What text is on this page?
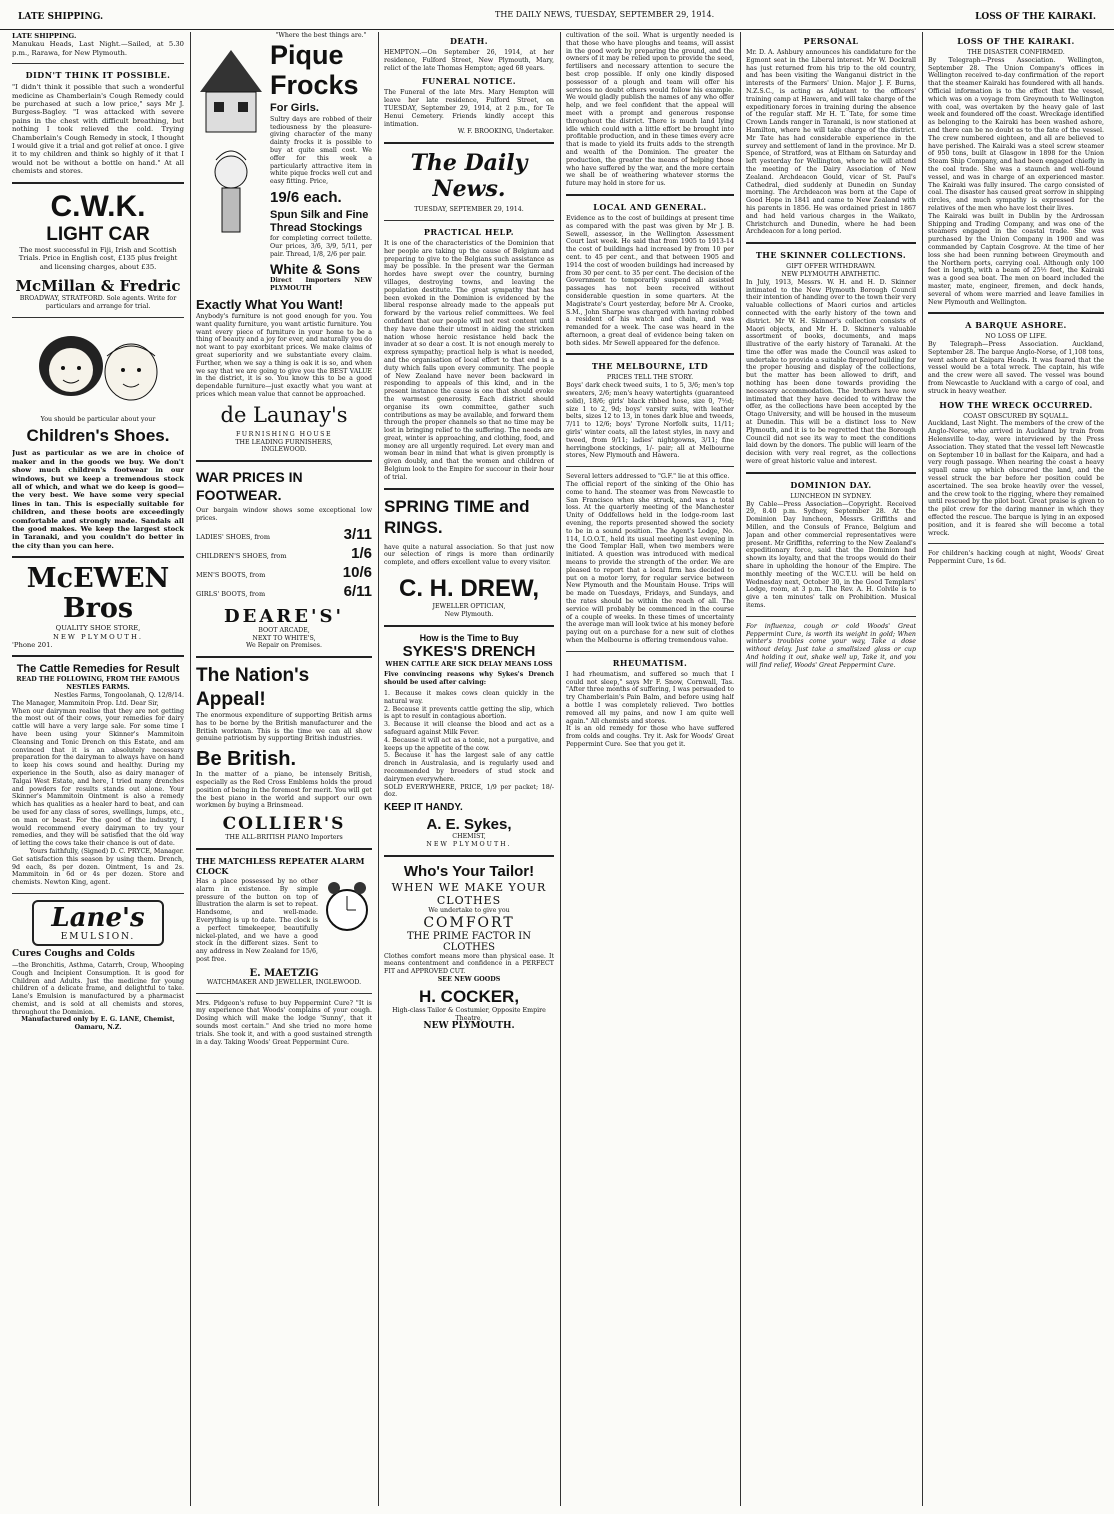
LATE SHIPPING.	THE DAILY NEWS, TUESDAY, SEPTEMBER 29, 1914.	LOSS OF THE KAIRAKI.

LATE SHIPPING.

Manukau Heads, Last Night.—Sailed, at 5.30 p.m., Rarawa, for New Plymouth.

DIDN'T THINK IT POSSIBLE.

"I didn't think it possible that such a wonderful medicine as Chamberlain's Cough Remedy could be purchased at such a low price," says Mr J. Burgess-Bagley. "I was attacked with severe pains in the chest with difficult breathing, but nothing I took relieved the cold. Trying Chamberlain's Cough Remedy in stock, I thought I would give it a trial and got relief at once. I give it to my children and think so highly of it that I would not be without a bottle on hand." At all chemists and stores.

C.W.K.
LIGHT CAR

The most successful in Fiji, Irish and Scottish Trials. Price in English cost, £135 plus freight and licensing charges, about £35.

McMillan & Fredric

BROADWAY, STRATFORD. Sole agents. Write for particulars and arrange for trial.

You should be particular about your

Children's Shoes.

Just as particular as we are in choice of maker and in the goods we buy. We don't show much children's footwear in our windows, but we keep a tremendous stock all of which, and what we do keep is good—the very best. We have some very special lines in tan. This is especially suitable for children, and these boots are exceedingly comfortable and strongly made. Sandals all the good makes. We keep the largest stock in Taranaki, and you couldn't do better in the city than you can here.

McEWEN Bros

QUALITY SHOE STORE,

NEW PLYMOUTH.

'Phone 201.

The Cattle Remedies for Result

READ THE FOLLOWING, FROM THE FAMOUS NESTLES FARMS.

Nestles Farms, Tongoolanah, Q. 12/8/14.

The Manager, Mammitoin Prop. Ltd. Dear Sir,

When our dairyman realise that they are not getting the most out of their cows, your remedies for dairy cattle will have a very large sale. For some time I have been using your Skinner's Mammitoin Cleansing and Tonic Drench on this Estate, and am convinced that it is an absolutely necessary preparation for the dairyman to always have on hand to keep his cows sound and healthy. During my experience in the South, also as dairy manager of Talgai West Estate, and here, I tried many drenches and powders for results stands out alone. Your Skinner's Mammitoin Ointment is also a remedy which has qualities as a healer hard to beat, and can be used for any class of sores, swellings, lumps, etc., on man or beast. For the good of the industry, I would recommend every dairyman to try your remedies, and they will be satisfied that the old way of letting the cows take their chance is out of date.

Yours faithfully, (Signed) D. C. PRYCE, Manager.

Get satisfaction this season by using them. Drench, 9d each, 8s per dozen. Ointment, 1s and 2s. Mammitoin in 6d or 4s per dozen. Store and chemists. Newton King, agent.

Lane's
EMULSION.
Cures Coughs and Colds

—the Bronchitis, Asthma, Catarrh, Croup, Whooping Cough and Incipient Consumption. It is good for Children and Adults. Just the medicine for young children of a delicate frame, and delightful to take. Lane's Emulsion is manufactured by a pharmacist chemist, and is sold at all chemists and stores, throughout the Dominion.

Manufactured only by E. G. LANE, Chemist, Oamaru, N.Z.

"Where the best things are."

Pique Frocks
For Girls.

Sultry days are robbed of their tediousness by the pleasure-giving character of the many dainty frocks it is possible to buy at quite small cost. We offer for this week a particularly attractive item in white pique frocks well cut and easy fitting. Price,

19/6 each.
Spun Silk and Fine Thread Stockings

for completing correct toilette. Our prices, 3/6, 3/9, 5/11, per pair. Thread, 1/8, 2/6 per pair.

White & Sons

Direct Importers NEW PLYMOUTH

Exactly What You Want!

Anybody's furniture is not good enough for you. You want quality furniture, you want artistic furniture. You want every piece of furniture in your home to be a thing of beauty and a joy for ever, and naturally you do not want to pay exorbitant prices. We make claims of great superiority and we substantiate every claim. Further, when we say a thing is oak it is so, and when we say that we are going to give you the BEST VALUE in the district, it is so. You know this to be a good dependable furniture—just exactly what you want at prices which mean value that cannot be approached.

de Launay's

FURNISHING HOUSE

THE LEADING FURNISHERS,

INGLEWOOD.

WAR PRICES IN FOOTWEAR.

Our bargain window shows some exceptional low prices.

LADIES' SHOES, from	3/11
CHILDREN'S SHOES, from	1/6
MEN'S BOOTS, from	10/6
GIRLS' BOOTS, from	6/11
DEARE'S'

BOOT ARCADE,

NEXT TO WHITE'S,

We Repair on Premises.

The Nation's Appeal!

The enormous expenditure of supporting British arms has to be borne by the British manufacturer and the British workman. This is the time we can all show genuine patriotism by supporting British industries.

Be British.

In the matter of a piano, be intensely British, especially as the Red Cross Emblems holds the proud position of being in the foremost for merit. You will get the best piano in the world and support our own workmen by buying a Brinsmead.

COLLIER'S

THE ALL-BRITISH PIANO Importers

THE MATCHLESS REPEATER ALARM CLOCK

Has a place possessed by no other alarm in existence. By simple pressure of the button on top of illustration the alarm is set to repeat. Handsome, and well-made. Everything is up to date. The clock is a perfect timekeeper, beautifully nickel-plated, and we have a good stock in the different sizes. Sent to any address in New Zealand for 15/6, post free.

E. MAETZIG

WATCHMAKER AND JEWELLER, INGLEWOOD.

Mrs. Pidgeon's refuse to buy Peppermint Cure? "It is my experience that Woods' complains of your cough. Dosing which will make the lodge 'Sunny', that it sounds most certain." And she tried no more home trials. She took it, and with a good sustained strength in a day. Taking Woods' Great Peppermint Cure.

DEATH.

HEMPTON.—On September 26, 1914, at her residence, Fulford Street, New Plymouth, Mary, relict of the late Thomas Hempton; aged 68 years.

FUNERAL NOTICE.

The Funeral of the late Mrs. Mary Hempton will leave her late residence, Fulford Street, on TUESDAY, September 29, 1914, at 2 p.m., for Te Henui Cemetery. Friends kindly accept this intimation.

W. F. BROOKING, Undertaker.

The Daily News.

TUESDAY, SEPTEMBER 29, 1914.

PRACTICAL HELP.

It is one of the characteristics of the Dominion that her people are taking up the cause of Belgium and preparing to give to the Belgians such assistance as may be possible. In the present war the German hordes have swept over the country, burning villages, destroying towns, and leaving the population destitute. The great sympathy that has been evoked in the Dominion is evidenced by the liberal response already made to the appeals put forward by the various relief committees. We feel confident that our people will not rest content until they have done their utmost in aiding the stricken nation whose heroic resistance held back the invader at so dear a cost. It is not enough merely to express sympathy; practical help is what is needed, and the organisation of local effort to that end is a duty which falls upon every community. The people of New Zealand have never been backward in responding to appeals of this kind, and in the present instance the cause is one that should evoke the warmest generosity. Each district should organise its own committee, gather such contributions as may be available, and forward them through the proper channels so that no time may be lost in bringing relief to the suffering. The needs are great, winter is approaching, and clothing, food, and money are all urgently required. Let every man and woman bear in mind that what is given promptly is given doubly, and that the women and children of Belgium look to the Empire for succour in their hour of trial.

SPRING TIME and RINGS.

have quite a natural association. So that just now our selection of rings is more than ordinarily complete, and offers excellent value to every visitor.

C. H. DREW,

JEWELLER OPTICIAN,

New Plymouth.

How is the Time to Buy
SYKES'S DRENCH

WHEN CATTLE ARE SICK DELAY MEANS LOSS

Five convincing reasons why Sykes's Drench should be used after calving:

1. Because it makes cows clean quickly in the natural way.

2. Because it prevents cattle getting the slip, which is apt to result in contagious abortion.

3. Because it will cleanse the blood and act as a safeguard against Milk Fever.

4. Because it will act as a tonic, not a purgative, and keeps up the appetite of the cow.

5. Because it has the largest sale of any cattle drench in Australasia, and is regularly used and recommended by breeders of stud stock and dairymen everywhere.

SOLD EVERYWHERE, PRICE, 1/9 per packet; 18/- doz.

KEEP IT HANDY.
A. E. Sykes,

CHEMIST,

NEW PLYMOUTH.

Who's Your Tailor!
WHEN WE MAKE YOUR CLOTHES

We undertake to give you

COMFORT
THE PRIME FACTOR IN CLOTHES

Clothes comfort means more than physical ease. It means contentment and confidence in a PERFECT FIT and APPROVED CUT.

SEE NEW GOODS

H. COCKER,

High-class Tailor & Costumier, Opposite Empire Theatre,

NEW PLYMOUTH.

cultivation of the soil. What is urgently needed is that those who have ploughs and teams, will assist in the good work by preparing the ground, and the owners of it may be relied upon to provide the seed, fertilisers and necessary attention to secure the best crop possible. If only one kindly disposed possessor of a plough and team will offer his services no doubt others would follow his example. We would gladly publish the names of any who offer help, and we feel confident that the appeal will meet with a prompt and generous response throughout the district. There is much land lying idle which could with a little effort be brought into profitable production, and in these times every acre that is made to yield its fruits adds to the strength and wealth of the Dominion. The greater the production, the greater the means of helping those who have suffered by the war, and the more certain we shall be of weathering whatever storms the future may hold in store for us.

LOCAL AND GENERAL.

Evidence as to the cost of buildings at present time as compared with the past was given by Mr J. B. Sewell, assessor, in the Wellington Assessment Court last week. He said that from 1905 to 1913-14 the cost of buildings had increased by from 10 per cent. to 45 per cent., and that between 1905 and 1914 the cost of wooden buildings had increased by from 30 per cent. to 35 per cent. The decision of the Government to temporarily suspend all assisted passages has not been received without considerable question in some quarters. At the Magistrate's Court yesterday, before Mr A. Crooke, S.M., John Sharpe was charged with having robbed a resident of his watch and chain, and was remanded for a week. The case was heard in the afternoon, a great deal of evidence being taken on both sides. Mr Sewell appeared for the defence.

THE MELBOURNE, LTD

PRICES TELL THE STORY.

Boys' dark check tweed suits, 1 to 5, 3/6; men's top sweaters, 2/6; men's heavy watertights (guaranteed solid), 18/6; girls' black ribbed hose, size 0, 7½d; size 1 to 2, 9d; boys' varsity suits, with leather belts, sizes 12 to 13, in tones dark blue and tweeds, 7/11 to 12/6; boys' Tyrone Norfolk suits, 11/11; girls' winter coats, all the latest styles, in navy and tweed, from 9/11; ladies' nightgowns, 3/11; fine herringbone stockings, 1/- pair; all at Melbourne stores, New Plymouth and Hawera.

Several letters addressed to "G.F." lie at this office.

The official report of the sinking of the Ohio has come to hand. The steamer was from Newcastle to San Francisco when she struck, and was a total loss. At the quarterly meeting of the Manchester Unity of Oddfellows held in the lodge-room last evening, the reports presented showed the society to be in a sound position. The Agent's Lodge, No. 114, I.O.O.T., held its usual meeting last evening in the Good Templar Hall, when two members were initiated. A question was introduced with medical means to provide the strength of the order. We are pleased to report that a local firm has decided to put on a motor lorry, for regular service between New Plymouth and the Mountain House. Trips will be made on Tuesdays, Fridays, and Sundays, and the rates should be within the reach of all. The service will probably be commenced in the course of a couple of weeks. In these times of uncertainty the average man will look twice at his money before paying out on a purchase for a new suit of clothes when the Melbourne is offering tremendous value.

RHEUMATISM.

I had rheumatism, and suffered so much that I could not sleep," says Mr F. Snow, Cornwall, Tas. "After three months of suffering, I was persuaded to try Chamberlain's Pain Balm, and before using half a bottle I was completely relieved. Two bottles removed all my pains, and now I am quite well again." All chemists and stores.

It is an old remedy for those who have suffered from colds and coughs. Try it. Ask for Woods' Great Peppermint Cure. See that you get it.

PERSONAL

Mr. D. A. Ashbury announces his candidature for the Egmont seat in the Liberal interest. Mr W. Dockrall has just returned from his trip to the old country, and has been visiting the Wanganui district in the interests of the Farmers' Union. Major J. F. Burns, N.Z.S.C., is acting as Adjutant to the officers' training camp at Hawera, and will take charge of the expeditionary forces in training during the absence of the regular staff. Mr H. T. Tate, for some time Crown Lands ranger in Taranaki, is now stationed at Hamilton, where he will take charge of the district. Mr Tate has had considerable experience in the survey and settlement of land in the province. Mr D. Spence, of Stratford, was at Eltham on Saturday and left yesterday for Wellington, where he will attend the meeting of the Dairy Association of New Zealand. Archdeacon Gould, vicar of St. Paul's Cathedral, died suddenly at Dunedin on Sunday morning. The Archdeacon was born at the Cape of Good Hope in 1841 and came to New Zealand with his parents in 1856. He was ordained priest in 1867 and had held various charges in the Waikato, Christchurch and Dunedin, where he had been Archdeacon for a long period.

THE SKINNER COLLECTIONS.

GIFT OFFER WITHDRAWN.

NEW PLYMOUTH APATHETIC.

In July, 1913, Messrs. W. H. and H. D. Skinner intimated to the New Plymouth Borough Council their intention of handing over to the town their very valuable collections of Maori curios and articles connected with the early history of the town and district. Mr W. H. Skinner's collection consists of Maori objects, and Mr H. D. Skinner's valuable assortment of books, documents, and maps illustrative of the early history of Taranaki. At the time the offer was made the Council was asked to undertake to provide a suitable fireproof building for the proper housing and display of the collections, but the matter has been allowed to drift, and nothing has been done towards providing the necessary accommodation. The brothers have now intimated that they have decided to withdraw the offer, as the collections have been accepted by the Otago University, and will be housed in the museum at Dunedin. This will be a distinct loss to New Plymouth, and it is to be regretted that the Borough Council did not see its way to meet the conditions laid down by the donors. The public will learn of the decision with very real regret, as the collections were of great historic value and interest.

DOMINION DAY.

LUNCHEON IN SYDNEY.

By Cable—Press Association—Copyright. Received 29, 8.40 p.m. Sydney, September 28. At the Dominion Day luncheon, Messrs. Griffiths and Millen, and the Consuls of France, Belgium and Japan and other commercial representatives were present. Mr Griffiths, referring to the New Zealand's expeditionary force, said that the Dominion had shown its loyalty, and that the troops would do their share in upholding the honour of the Empire. The monthly meeting of the W.C.T.U. will be held on Wednesday next, October 30, in the Good Templars' Lodge, room, at 3 p.m. The Rev. A. H. Colvile is to give a ten minutes' talk on Prohibition. Musical items.

For influenza, cough or cold Woods' Great Peppermint Cure, is worth its weight in gold; When winter's troubles come your way, Take a dose without delay. Just take a smallsized glass or cup And holding it out, shake well up, Take it, and you will find relief, Woods' Great Peppermint Cure.

LOSS OF THE KAIRAKI.

THE DISASTER CONFIRMED.

By Telegraph—Press Association. Wellington, September 28. The Union Company's offices in Wellington received to-day confirmation of the report that the steamer Kairaki has foundered with all hands. Official information is to the effect that the vessel, which was on a voyage from Greymouth to Wellington with coal, was overtaken by the heavy gale of last week and foundered off the coast. Wreckage identified as belonging to the Kairaki has been washed ashore, and there can be no doubt as to the fate of the vessel. The crew numbered eighteen, and all are believed to have perished. The Kairaki was a steel screw steamer of 950 tons, built at Glasgow in 1898 for the Union Steam Ship Company, and had been engaged chiefly in the coal trade. She was a staunch and well-found vessel, and was in charge of an experienced master. The Kairaki was fully insured. The cargo consisted of coal. The disaster has caused great sorrow in shipping circles, and much sympathy is expressed for the relatives of the men who have lost their lives.

The Kairaki was built in Dublin by the Ardrossan Shipping and Trading Company, and was one of the steamers engaged in the coastal trade. She was purchased by the Union Company in 1900 and was commanded by Captain Cosgrove. At the time of her loss she had been running between Greymouth and the Northern ports, carrying coal. Although only 100 feet in length, with a beam of 25½ feet, the Kairaki was a good sea boat. The men on board included the master, mate, engineer, firemen, and deck hands, several of whom were married and leave families in New Plymouth and Wellington.

A BARQUE ASHORE.

NO LOSS OF LIFE.

By Telegraph—Press Association. Auckland, September 28. The barque Anglo-Norse, of 1,108 tons, went ashore at Kaipara Heads. It was feared that the vessel would be a total wreck. The captain, his wife and the crew were all saved. The vessel was bound from Newcastle to Auckland with a cargo of coal, and struck in heavy weather.

HOW THE WRECK OCCURRED.

COAST OBSCURED BY SQUALL.

Auckland, Last Night. The members of the crew of the Anglo-Norse, who arrived in Auckland by train from Helensville to-day, were interviewed by the Press Association. They stated that the vessel left Newcastle on September 10 in ballast for the Kaipara, and had a very rough passage. When nearing the coast a heavy squall came up which obscured the land, and the vessel struck the bar before her position could be ascertained. The sea broke heavily over the vessel, and the crew took to the rigging, where they remained until rescued by the pilot boat. Great praise is given to the pilot crew for the daring manner in which they effected the rescue. The barque is lying in an exposed position, and it is feared she will become a total wreck.

For children's hacking cough at night, Woods' Great Peppermint Cure, 1s 6d.
